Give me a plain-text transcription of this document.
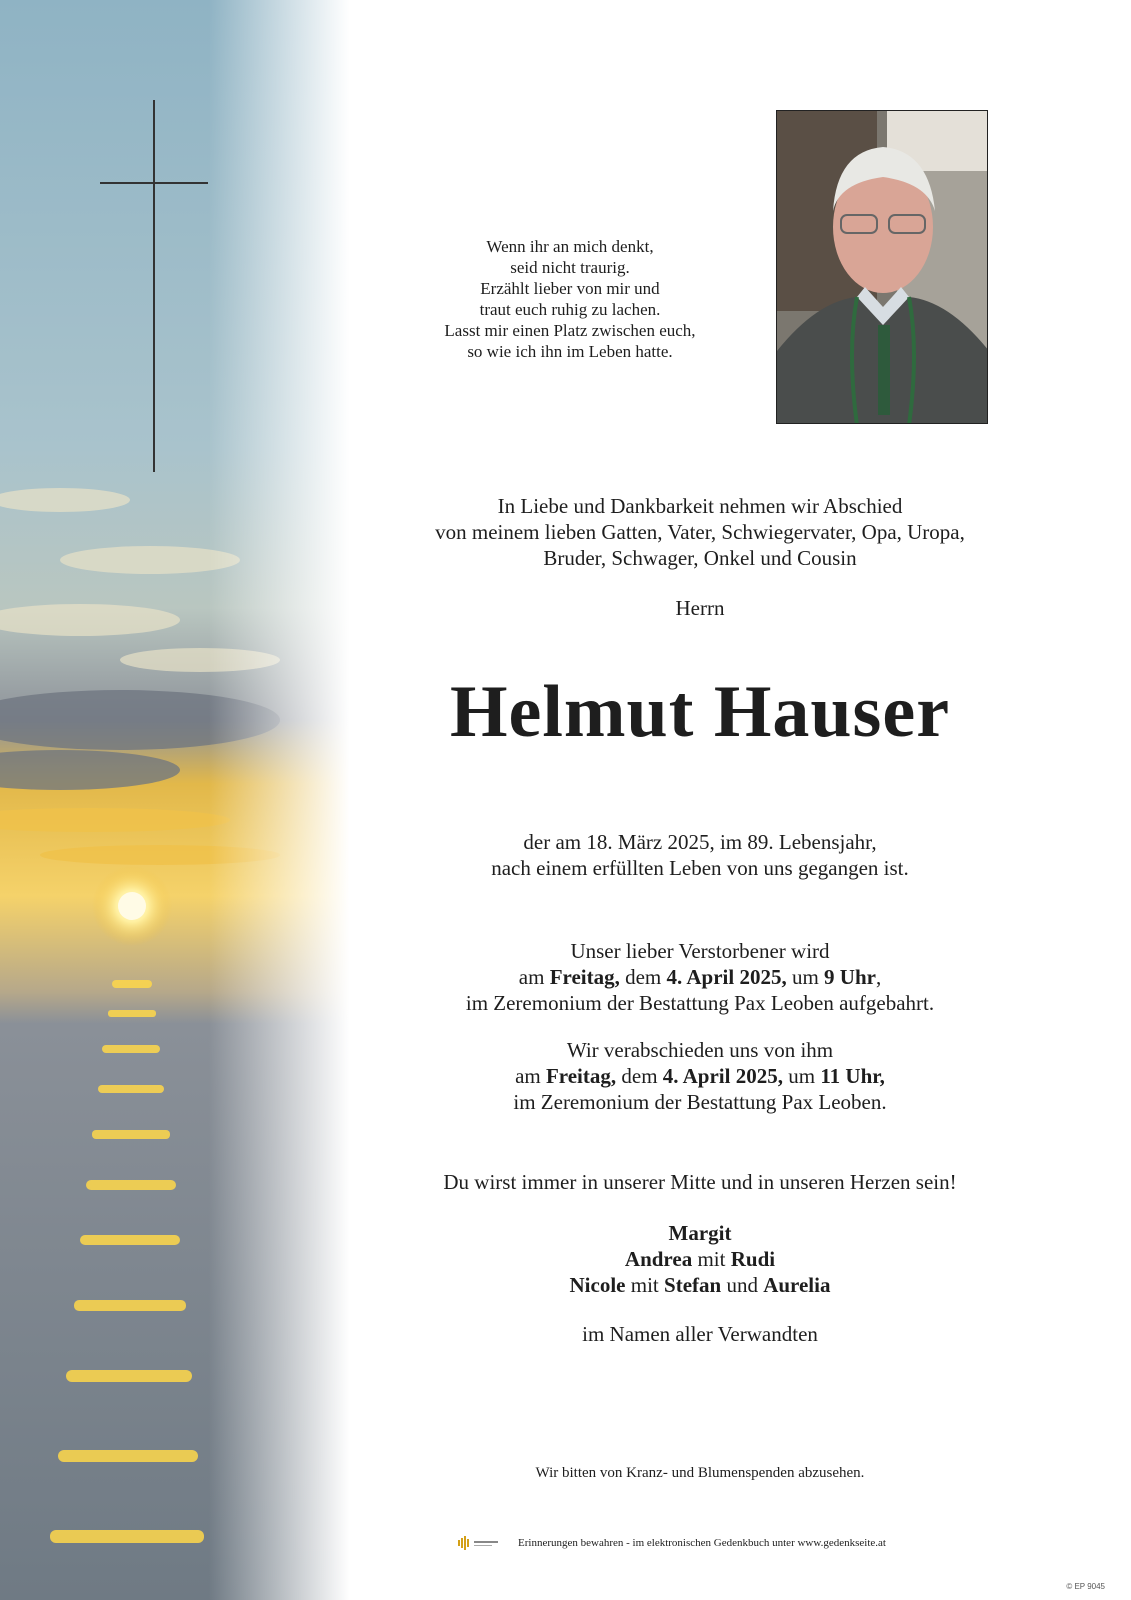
Wenn ihr an mich denkt,
seid nicht traurig.
Erzählt lieber von mir und
traut euch ruhig zu lachen.
Lasst mir einen Platz zwischen euch,
so wie ich ihn im Leben hatte.
In Liebe und Dankbarkeit nehmen wir Abschied
von meinem lieben Gatten, Vater, Schwiegervater, Opa, Uropa,
Bruder, Schwager, Onkel und Cousin
Herrn
Helmut Hauser
der am 18. März 2025, im 89. Lebensjahr,
nach einem erfüllten Leben von uns gegangen ist.
Unser lieber Verstorbener wird
am Freitag, dem 4. April 2025, um 9 Uhr,
im Zeremonium der Bestattung Pax Leoben aufgebahrt.
Wir verabschieden uns von ihm
am Freitag, dem 4. April 2025, um 11 Uhr,
im Zeremonium der Bestattung Pax Leoben.
Du wirst immer in unserer Mitte und in unseren Herzen sein!
Margit
Andrea mit Rudi
Nicole mit Stefan und Aurelia
im Namen aller Verwandten
Wir bitten von Kranz- und Blumenspenden abzusehen.
Erinnerungen bewahren - im elektronischen Gedenkbuch unter www.gedenkseite.at
© EP 9045
